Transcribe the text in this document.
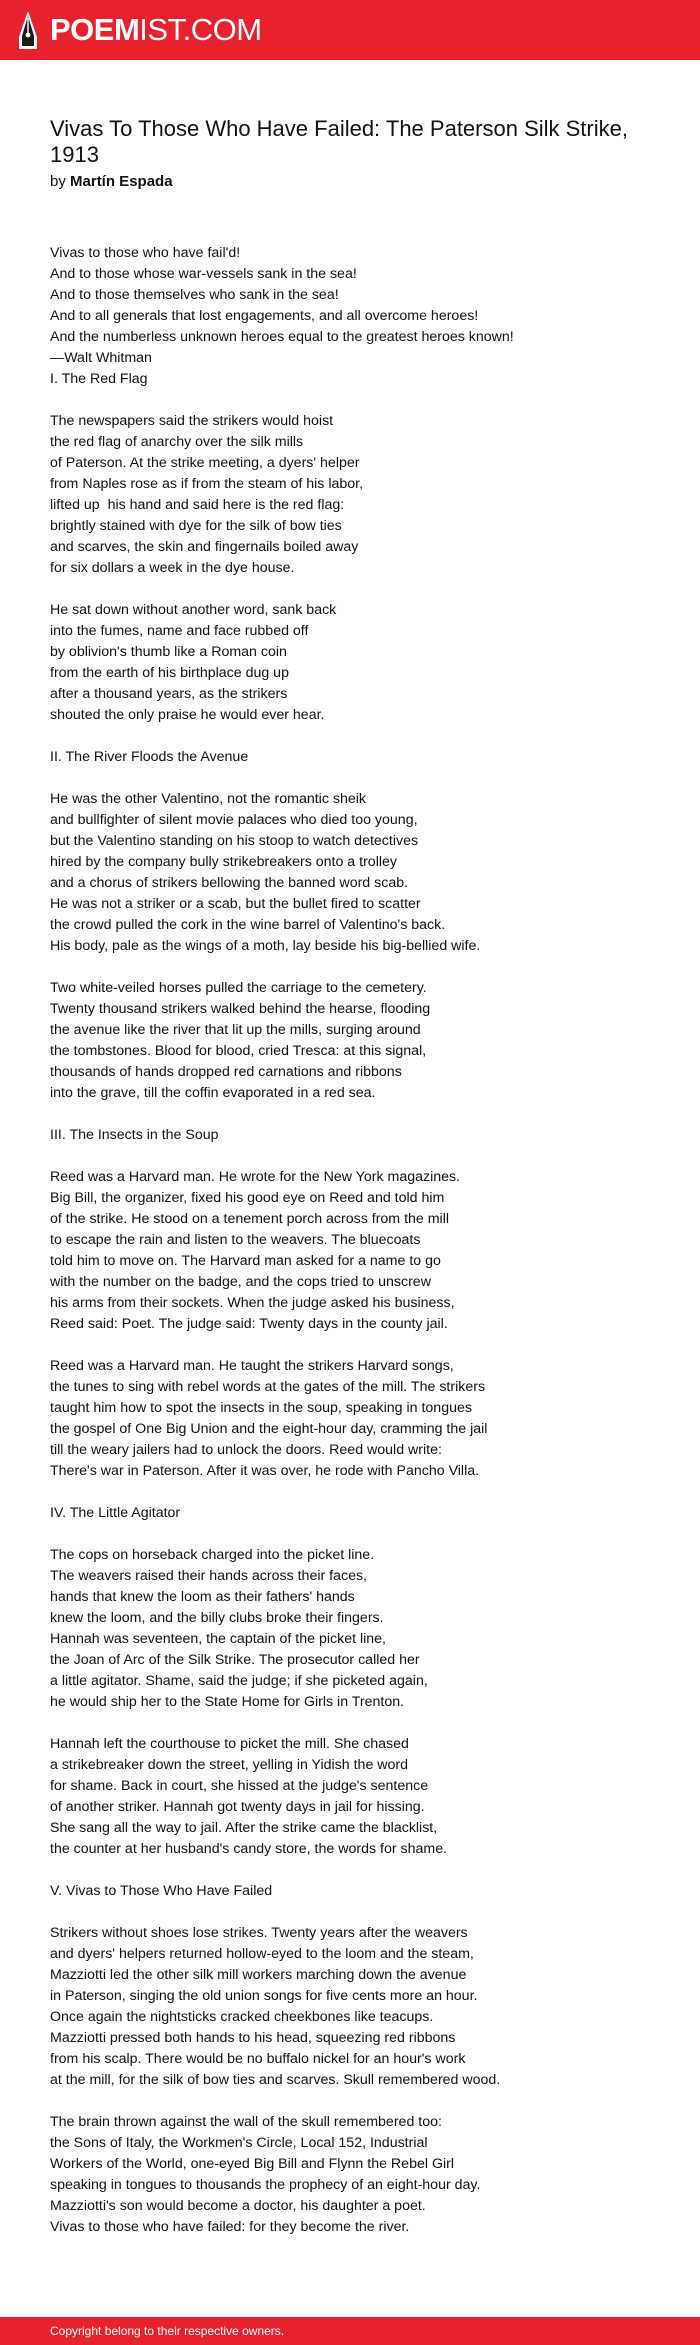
POEMIST.COM
Vivas To Those Who Have Failed: The Paterson Silk Strike, 1913
by Martín Espada
Vivas to those who have fail'd!
And to those whose war-vessels sank in the sea!
And to those themselves who sank in the sea!
And to all generals that lost engagements, and all overcome heroes!
And the numberless unknown heroes equal to the greatest heroes known!
—Walt Whitman
I. The Red Flag
The newspapers said the strikers would hoist
the red flag of anarchy over the silk mills
of Paterson. At the strike meeting, a dyers' helper
from Naples rose as if from the steam of his labor,
lifted up  his hand and said here is the red flag:
brightly stained with dye for the silk of bow ties
and scarves, the skin and fingernails boiled away
for six dollars a week in the dye house.
He sat down without another word, sank back
into the fumes, name and face rubbed off
by oblivion's thumb like a Roman coin
from the earth of his birthplace dug up
after a thousand years, as the strikers
shouted the only praise he would ever hear.
II. The River Floods the Avenue
He was the other Valentino, not the romantic sheik
and bullfighter of silent movie palaces who died too young,
but the Valentino standing on his stoop to watch detectives
hired by the company bully strikebreakers onto a trolley
and a chorus of strikers bellowing the banned word scab.
He was not a striker or a scab, but the bullet fired to scatter
the crowd pulled the cork in the wine barrel of Valentino's back.
His body, pale as the wings of a moth, lay beside his big-bellied wife.
Two white-veiled horses pulled the carriage to the cemetery.
Twenty thousand strikers walked behind the hearse, flooding
the avenue like the river that lit up the mills, surging around
the tombstones. Blood for blood, cried Tresca: at this signal,
thousands of hands dropped red carnations and ribbons
into the grave, till the coffin evaporated in a red sea.
III. The Insects in the Soup
Reed was a Harvard man. He wrote for the New York magazines.
Big Bill, the organizer, fixed his good eye on Reed and told him
of the strike. He stood on a tenement porch across from the mill
to escape the rain and listen to the weavers. The bluecoats
told him to move on. The Harvard man asked for a name to go
with the number on the badge, and the cops tried to unscrew
his arms from their sockets. When the judge asked his business,
Reed said: Poet. The judge said: Twenty days in the county jail.
Reed was a Harvard man. He taught the strikers Harvard songs,
the tunes to sing with rebel words at the gates of the mill. The strikers
taught him how to spot the insects in the soup, speaking in tongues
the gospel of One Big Union and the eight-hour day, cramming the jail
till the weary jailers had to unlock the doors. Reed would write:
There's war in Paterson. After it was over, he rode with Pancho Villa.
IV. The Little Agitator
The cops on horseback charged into the picket line.
The weavers raised their hands across their faces,
hands that knew the loom as their fathers' hands
knew the loom, and the billy clubs broke their fingers.
Hannah was seventeen, the captain of the picket line,
the Joan of Arc of the Silk Strike. The prosecutor called her
a little agitator. Shame, said the judge; if she picketed again,
he would ship her to the State Home for Girls in Trenton.
Hannah left the courthouse to picket the mill. She chased
a strikebreaker down the street, yelling in Yidish the word
for shame. Back in court, she hissed at the judge's sentence
of another striker. Hannah got twenty days in jail for hissing.
She sang all the way to jail. After the strike came the blacklist,
the counter at her husband's candy store, the words for shame.
V. Vivas to Those Who Have Failed
Strikers without shoes lose strikes. Twenty years after the weavers
and dyers' helpers returned hollow-eyed to the loom and the steam,
Mazziotti led the other silk mill workers marching down the avenue
in Paterson, singing the old union songs for five cents more an hour.
Once again the nightsticks cracked cheekbones like teacups.
Mazziotti pressed both hands to his head, squeezing red ribbons
from his scalp. There would be no buffalo nickel for an hour's work
at the mill, for the silk of bow ties and scarves. Skull remembered wood.
The brain thrown against the wall of the skull remembered too:
the Sons of Italy, the Workmen's Circle, Local 152, Industrial
Workers of the World, one-eyed Big Bill and Flynn the Rebel Girl
speaking in tongues to thousands the prophecy of an eight-hour day.
Mazziotti's son would become a doctor, his daughter a poet.
Vivas to those who have failed: for they become the river.
Copyright belong to their respective owners.
